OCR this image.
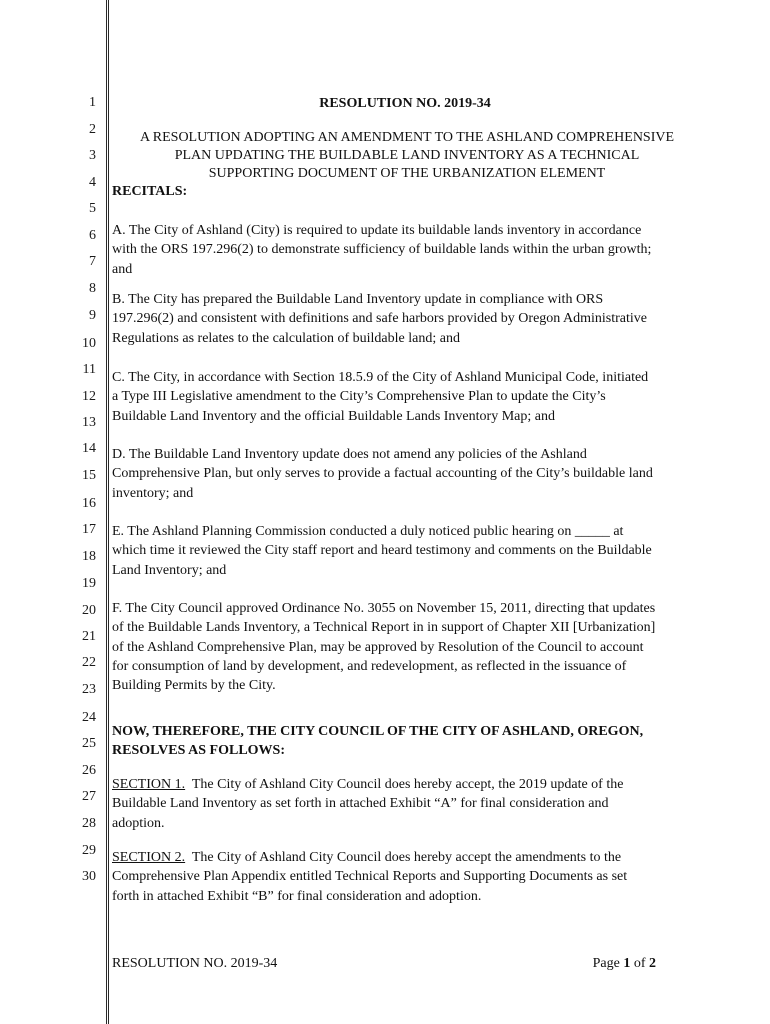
1
2
3
4
5
6
7
8
9
10
11
12
13
14
15
16
17
18
19
20
21
22
23
24
25
26
27
28
29
30
RESOLUTION NO. 2019-34
A RESOLUTION ADOPTING AN AMENDMENT TO THE ASHLAND COMPREHENSIVE
PLAN UPDATING THE BUILDABLE LAND INVENTORY AS A TECHNICAL
SUPPORTING DOCUMENT OF THE URBANIZATION ELEMENT
RECITALS:
A. The City of Ashland (City) is required to update its buildable lands inventory in accordance
with the ORS 197.296(2) to demonstrate sufficiency of buildable lands within the urban growth;
and
B. The City has prepared the Buildable Land Inventory update in compliance with ORS
197.296(2) and consistent with definitions and safe harbors provided by Oregon Administrative
Regulations as relates to the calculation of buildable land; and
C. The City, in accordance with Section 18.5.9 of the City of Ashland Municipal Code, initiated
a Type III Legislative amendment to the City’s Comprehensive Plan to update the City’s
Buildable Land Inventory and the official Buildable Lands Inventory Map; and
D. The Buildable Land Inventory update does not amend any policies of the Ashland
Comprehensive Plan, but only serves to provide a factual accounting of the City’s buildable land
inventory; and
E. The Ashland Planning Commission conducted a duly noticed public hearing on _____ at
which time it reviewed the City staff report and heard testimony and comments on the Buildable
Land Inventory; and
F. The City Council approved Ordinance No. 3055 on November 15, 2011, directing that updates
of the Buildable Lands Inventory, a Technical Report in in support of Chapter XII [Urbanization]
of the Ashland Comprehensive Plan, may be approved by Resolution of the Council to account
for consumption of land by development, and redevelopment, as reflected in the issuance of
Building Permits by the City.
NOW, THEREFORE, THE CITY COUNCIL OF THE CITY OF ASHLAND, OREGON,
RESOLVES AS FOLLOWS:
SECTION 1.  The City of Ashland City Council does hereby accept, the 2019 update of the
Buildable Land Inventory as set forth in attached Exhibit “A” for final consideration and
adoption.
SECTION 2.  The City of Ashland City Council does hereby accept the amendments to the
Comprehensive Plan Appendix entitled Technical Reports and Supporting Documents as set
forth in attached Exhibit “B” for final consideration and adoption.
RESOLUTION NO. 2019-34	Page 1 of 2
